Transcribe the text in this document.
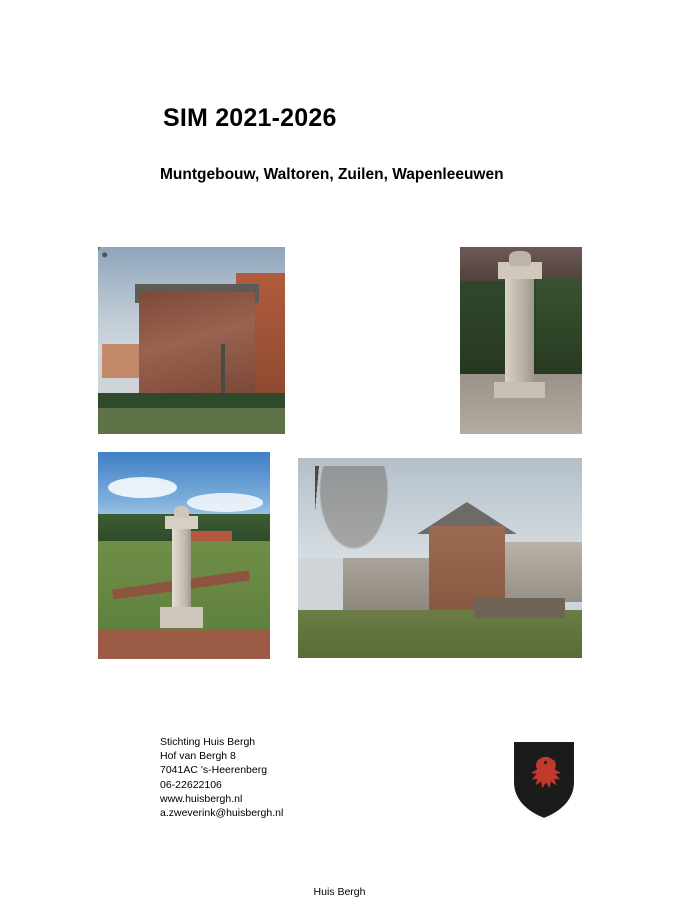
SIM 2021-2026
Muntgebouw, Waltoren, Zuilen, Wapenleeuwen
Stichting Huis Bergh
Hof van Bergh 8
7041AC 's-Heerenberg
06-22622106
www.huisbergh.nl
a.zweverink@huisbergh.nl
Huis Bergh
